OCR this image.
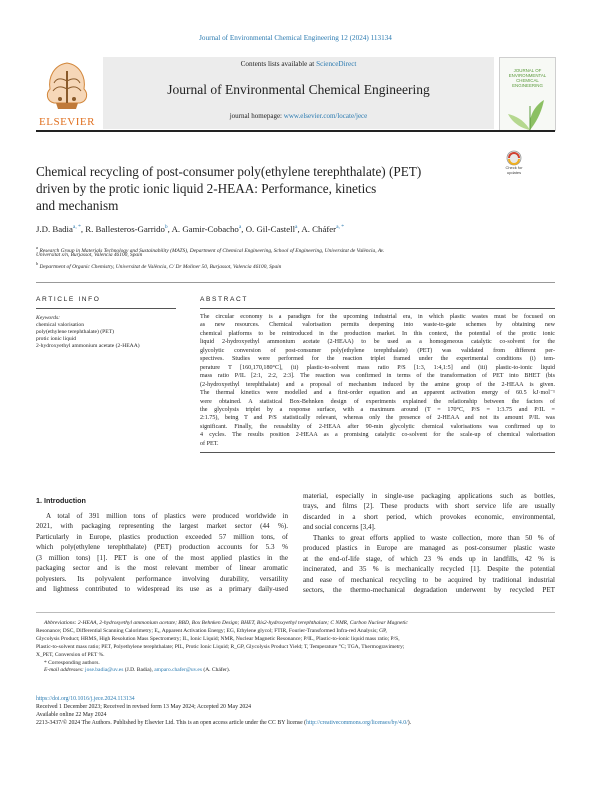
Journal of Environmental Chemical Engineering 12 (2024) 113134
ELSEVIER
Contents lists available at ScienceDirect
Journal of Environmental Chemical Engineering
journal homepage: www.elsevier.com/locate/jece
JOURNAL OF
ENVIRONMENTAL
CHEMICAL
ENGINEERING
Chemical recycling of post-consumer poly(ethylene terephthalate) (PET)
driven by the protic ionic liquid 2-HEAA: Performance, kinetics
and mechanism
Check for
updates
J.D. Badia$^{a, *}$, R. Ballesteros-Garrido$^b$, A. Gamir-Cobacho$^a$, O. Gil-Castell$^a$, A. Cháfer$^{a, *}$
$^a$ Research Group in Materials Technology and Sustainability (MATS), Department of Chemical Engineering, School of Engineering, Universitat de València, Av.
Universitat s/n, Burjassot, Valencia 46100, Spain
$^b$ Department of Organic Chemistry, Universitat de València, C/ Dr Moliner 50, Burjassot, Valencia 46100, Spain
ARTICLE INFO
Keywords:
chemical valorisation
poly(ethylene terephthalate) (PET)
protic ionic liquid
2-hydroxyethyl ammonium acetate (2-HEAA)
ABSTRACT
The circular economy is a paradigm for the upcoming industrial era, in which plastic wastes must be focused on
as new resources. Chemical valorisation permits deepening into waste-to-gate schemes by obtaining new
chemical platforms to be reintroduced in the production market. In this context, the potential of the protic ionic
liquid 2-hydroxyethyl ammonium acetate (2-HEAA) to be used as a homogeneous catalytic co-solvent for the
glycolytic conversion of post-consumer poly(ethylene terephthalate) (PET) was validated from different per-
spectives. Studies were performed for the reaction triplet framed under the experimental conditions (i) tem-
perature T [160,170,180°C], (ii) plastic-to-solvent mass ratio P/S [1:3, 1:4,1:5] and (iii) plastic-to-ionic liquid
mass ratio P/IL [2:1, 2:2, 2:3]. The reaction was confirmed in terms of the transformation of PET into BHET (bis
(2-hydroxyethyl terephthalate) and a proposal of mechanism induced by the amine group of the 2-HEAA is given.
The thermal kinetics were modelled and a first-order equation and an apparent activation energy of 60.5 kJ·mol⁻¹
were obtained. A statistical Box-Behnken design of experiments explained the relationship between the factors of
the glycolysis triplet by a response surface, with a maximum around (T = 170°C, P/S = 1:3.75 and P/IL =
2:1.75), being T and P/S statistically relevant, whereas only the presence of 2-HEAA and not its amount P/IL was
significant. Finally, the reusability of 2-HEAA after 90-min glycolytic chemical valorisations was confirmed up to
4 cycles. The results position 2-HEAA as a promising catalytic co-solvent for the scale-up of chemical valorisation
of PET.
1. Introduction
A total of 391 million tons of plastics were produced worldwide in
2021, with packaging representing the largest market sector (44 %).
Particularly in Europe, plastics production exceeded 57 million tons, of
which poly(ethylene terephthalate) (PET) production accounts for 5.3 %
(3 million tons) [1]. PET is one of the most applied plastics in the
packaging sector and is the most relevant member of linear aromatic
polyesters. Its polyvalent performance involving durability, versatility
and lightness contributed to widespread its use as a primary daily-used
material, especially in single-use packaging applications such as bottles,
trays, and films [2]. These products with short service life are usually
discarded in a short period, which provokes economic, environmental,
and social concerns [3,4].
Thanks to great efforts applied to waste collection, more than 50 % of
produced plastics in Europe are managed as post-consumer plastic waste
at the end-of-life stage, of which 23 % ends up in landfills, 42 % is
incinerated, and 35 % is mechanically recycled [1]. Despite the potential
and ease of mechanical recycling to be acquired by traditional industrial
sectors, the thermo-mechanical degradation underwent by recycled PET
Abbreviations: 2-HEAA, 2-hydroxyethyl ammonium acetate; BBD, Box Behnken Design; BHET, Bis2-hydroxyethyl terephthalate; C NMR, Carbon Nuclear Magnetic
Resonance; DSC, Differential Scanning Calorimetry; Eₐ, Apparent Activation Energy; EG, Ethylene glycol; FTIR, Fourier-Transformed Infra-red Analysis; GP,
Glycolysis Product; HRMS, High Resolution Mass Spectrometry; IL, Ionic Liquid; NMR, Nuclear Magnetic Resonance; P/IL, Plastic-to-ionic liquid mass ratio; P/S,
Plastic-to-solvent mass ratio; PET, Polyethylene terephthalate; PIL, Protic Ionic Liquid; R_GP, Glycolysis Product Yield; T, Temperature °C; TGA, Thermogravimetry;
X_PET, Conversion of PET %.
* Corresponding authors.
E-mail addresses: jose.badia@uv.es (J.D. Badia), amparo.chafer@uv.es (A. Cháfer).
https://doi.org/10.1016/j.jece.2024.113134
Received 1 December 2023; Received in revised form 13 May 2024; Accepted 20 May 2024
Available online 22 May 2024
2213-3437/© 2024 The Authors. Published by Elsevier Ltd. This is an open access article under the CC BY license (http://creativecommons.org/licenses/by/4.0/).
